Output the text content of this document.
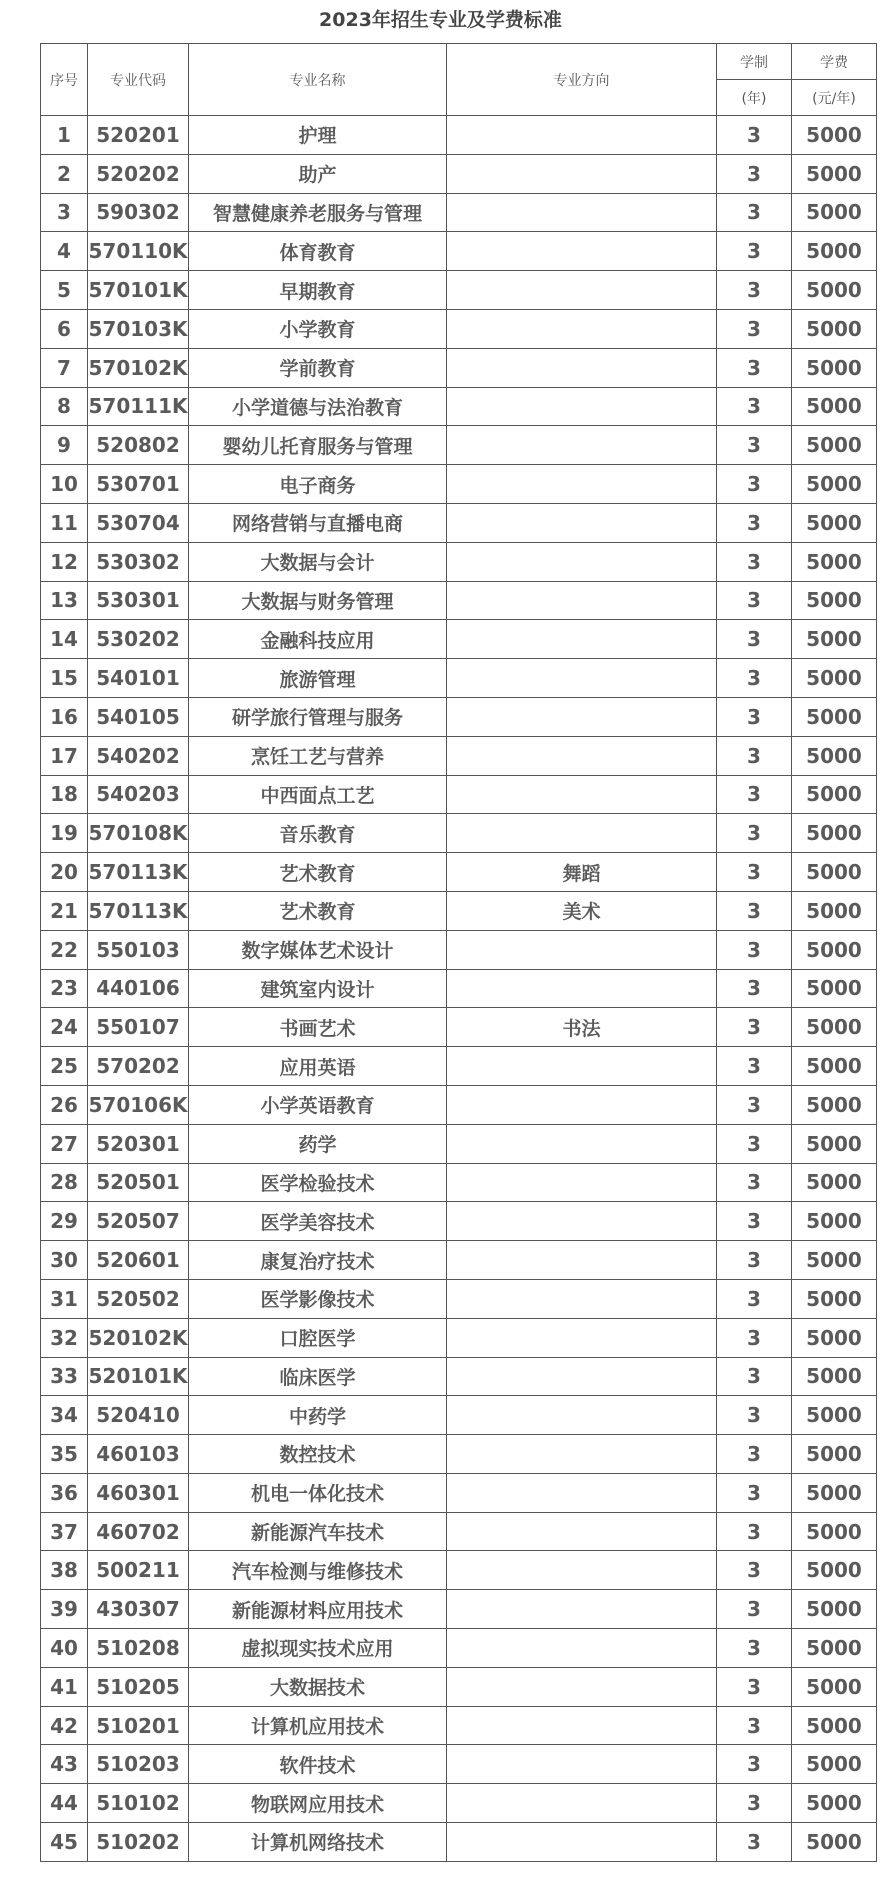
2023年招生专业及学费标准
序号	专业代码	专业名称	专业方向	学制	学费
				(年)	(元/年)
1	520201	护理		3	5000
2	520202	助产		3	5000
3	590302	智慧健康养老服务与管理		3	5000
4	570110K	体育教育		3	5000
5	570101K	早期教育		3	5000
6	570103K	小学教育		3	5000
7	570102K	学前教育		3	5000
8	570111K	小学道德与法治教育		3	5000
9	520802	婴幼儿托育服务与管理		3	5000
10	530701	电子商务		3	5000
11	530704	网络营销与直播电商		3	5000
12	530302	大数据与会计		3	5000
13	530301	大数据与财务管理		3	5000
14	530202	金融科技应用		3	5000
15	540101	旅游管理		3	5000
16	540105	研学旅行管理与服务		3	5000
17	540202	烹饪工艺与营养		3	5000
18	540203	中西面点工艺		3	5000
19	570108K	音乐教育		3	5000
20	570113K	艺术教育	舞蹈	3	5000
21	570113K	艺术教育	美术	3	5000
22	550103	数字媒体艺术设计		3	5000
23	440106	建筑室内设计		3	5000
24	550107	书画艺术	书法	3	5000
25	570202	应用英语		3	5000
26	570106K	小学英语教育		3	5000
27	520301	药学		3	5000
28	520501	医学检验技术		3	5000
29	520507	医学美容技术		3	5000
30	520601	康复治疗技术		3	5000
31	520502	医学影像技术		3	5000
32	520102K	口腔医学		3	5000
33	520101K	临床医学		3	5000
34	520410	中药学		3	5000
35	460103	数控技术		3	5000
36	460301	机电一体化技术		3	5000
37	460702	新能源汽车技术		3	5000
38	500211	汽车检测与维修技术		3	5000
39	430307	新能源材料应用技术		3	5000
40	510208	虚拟现实技术应用		3	5000
41	510205	大数据技术		3	5000
42	510201	计算机应用技术		3	5000
43	510203	软件技术		3	5000
44	510102	物联网应用技术		3	5000
45	510202	计算机网络技术		3	5000
